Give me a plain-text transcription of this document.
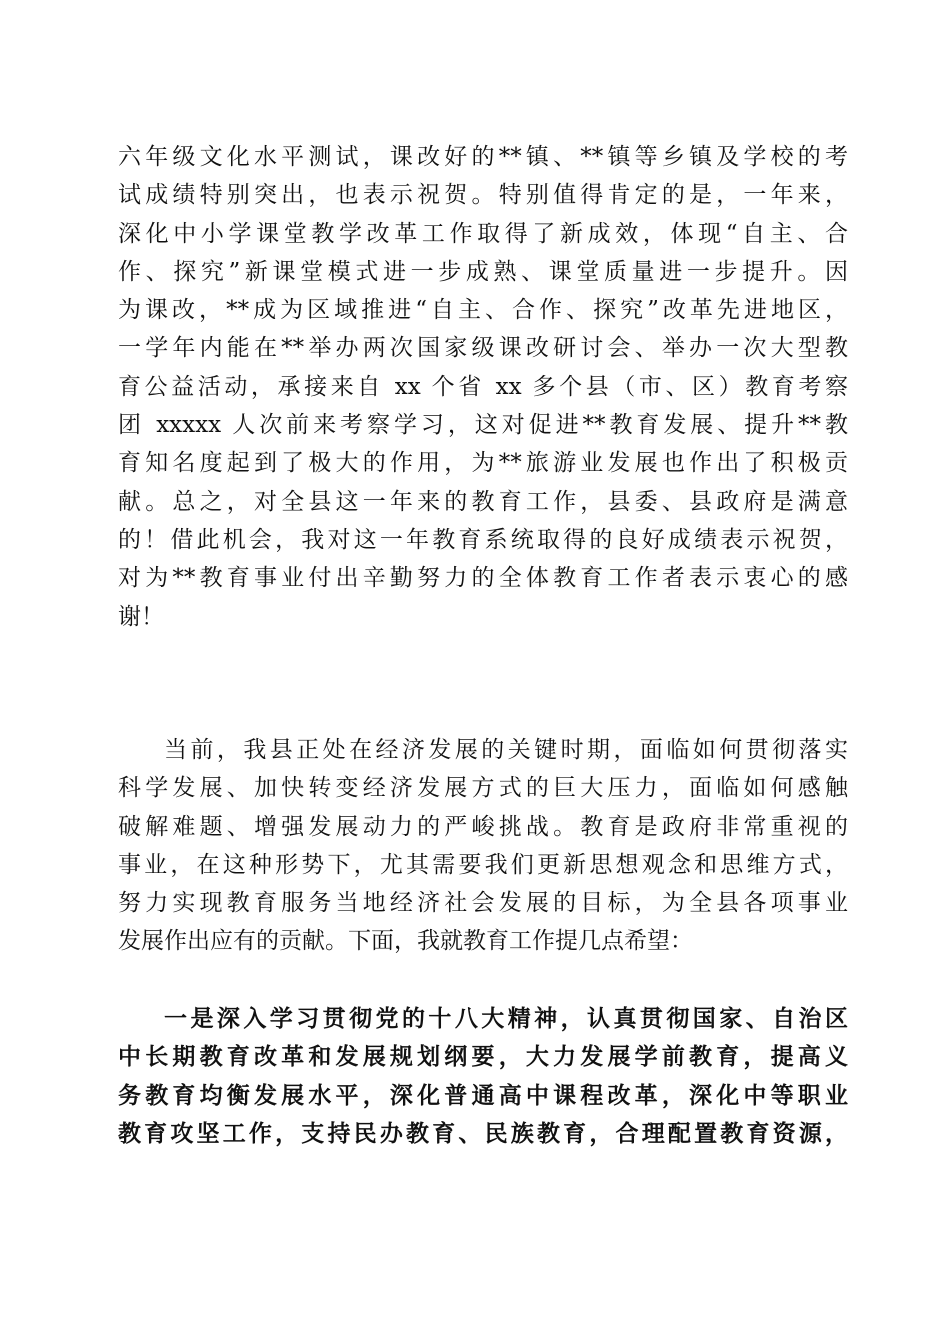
六年级文化水平测试，课改好的**镇、**镇等乡镇及学校的考
试成绩特别突出，也表示祝贺。特别值得肯定的是，一年来，
深化中小学课堂教学改革工作取得了新成效，体现“自主、合
作、探究”新课堂模式进一步成熟、课堂质量进一步提升。因
为课改，**成为区域推进“自主、合作、探究”改革先进地区，
一学年内能在**举办两次国家级课改研讨会、举办一次大型教
育公益活动，承接来自 xx 个省 xx 多个县（市、区）教育考察
团 xxxxx 人次前来考察学习，这对促进**教育发展、提升**教
育知名度起到了极大的作用，为**旅游业发展也作出了积极贡
献。总之，对全县这一年来的教育工作，县委、县政府是满意
的！借此机会，我对这一年教育系统取得的良好成绩表示祝贺，
对为**教育事业付出辛勤努力的全体教育工作者表示衷心的感
谢！
当前，我县正处在经济发展的关键时期，面临如何贯彻落实
科学发展、加快转变经济发展方式的巨大压力，面临如何感触
破解难题、增强发展动力的严峻挑战。教育是政府非常重视的
事业，在这种形势下，尤其需要我们更新思想观念和思维方式，
努力实现教育服务当地经济社会发展的目标，为全县各项事业
发展作出应有的贡献。下面，我就教育工作提几点希望：
一是深入学习贯彻党的十八大精神，认真贯彻国家、自治区
中长期教育改革和发展规划纲要，大力发展学前教育，提高义
务教育均衡发展水平，深化普通高中课程改革，深化中等职业
教育攻坚工作，支持民办教育、民族教育，合理配置教育资源，
